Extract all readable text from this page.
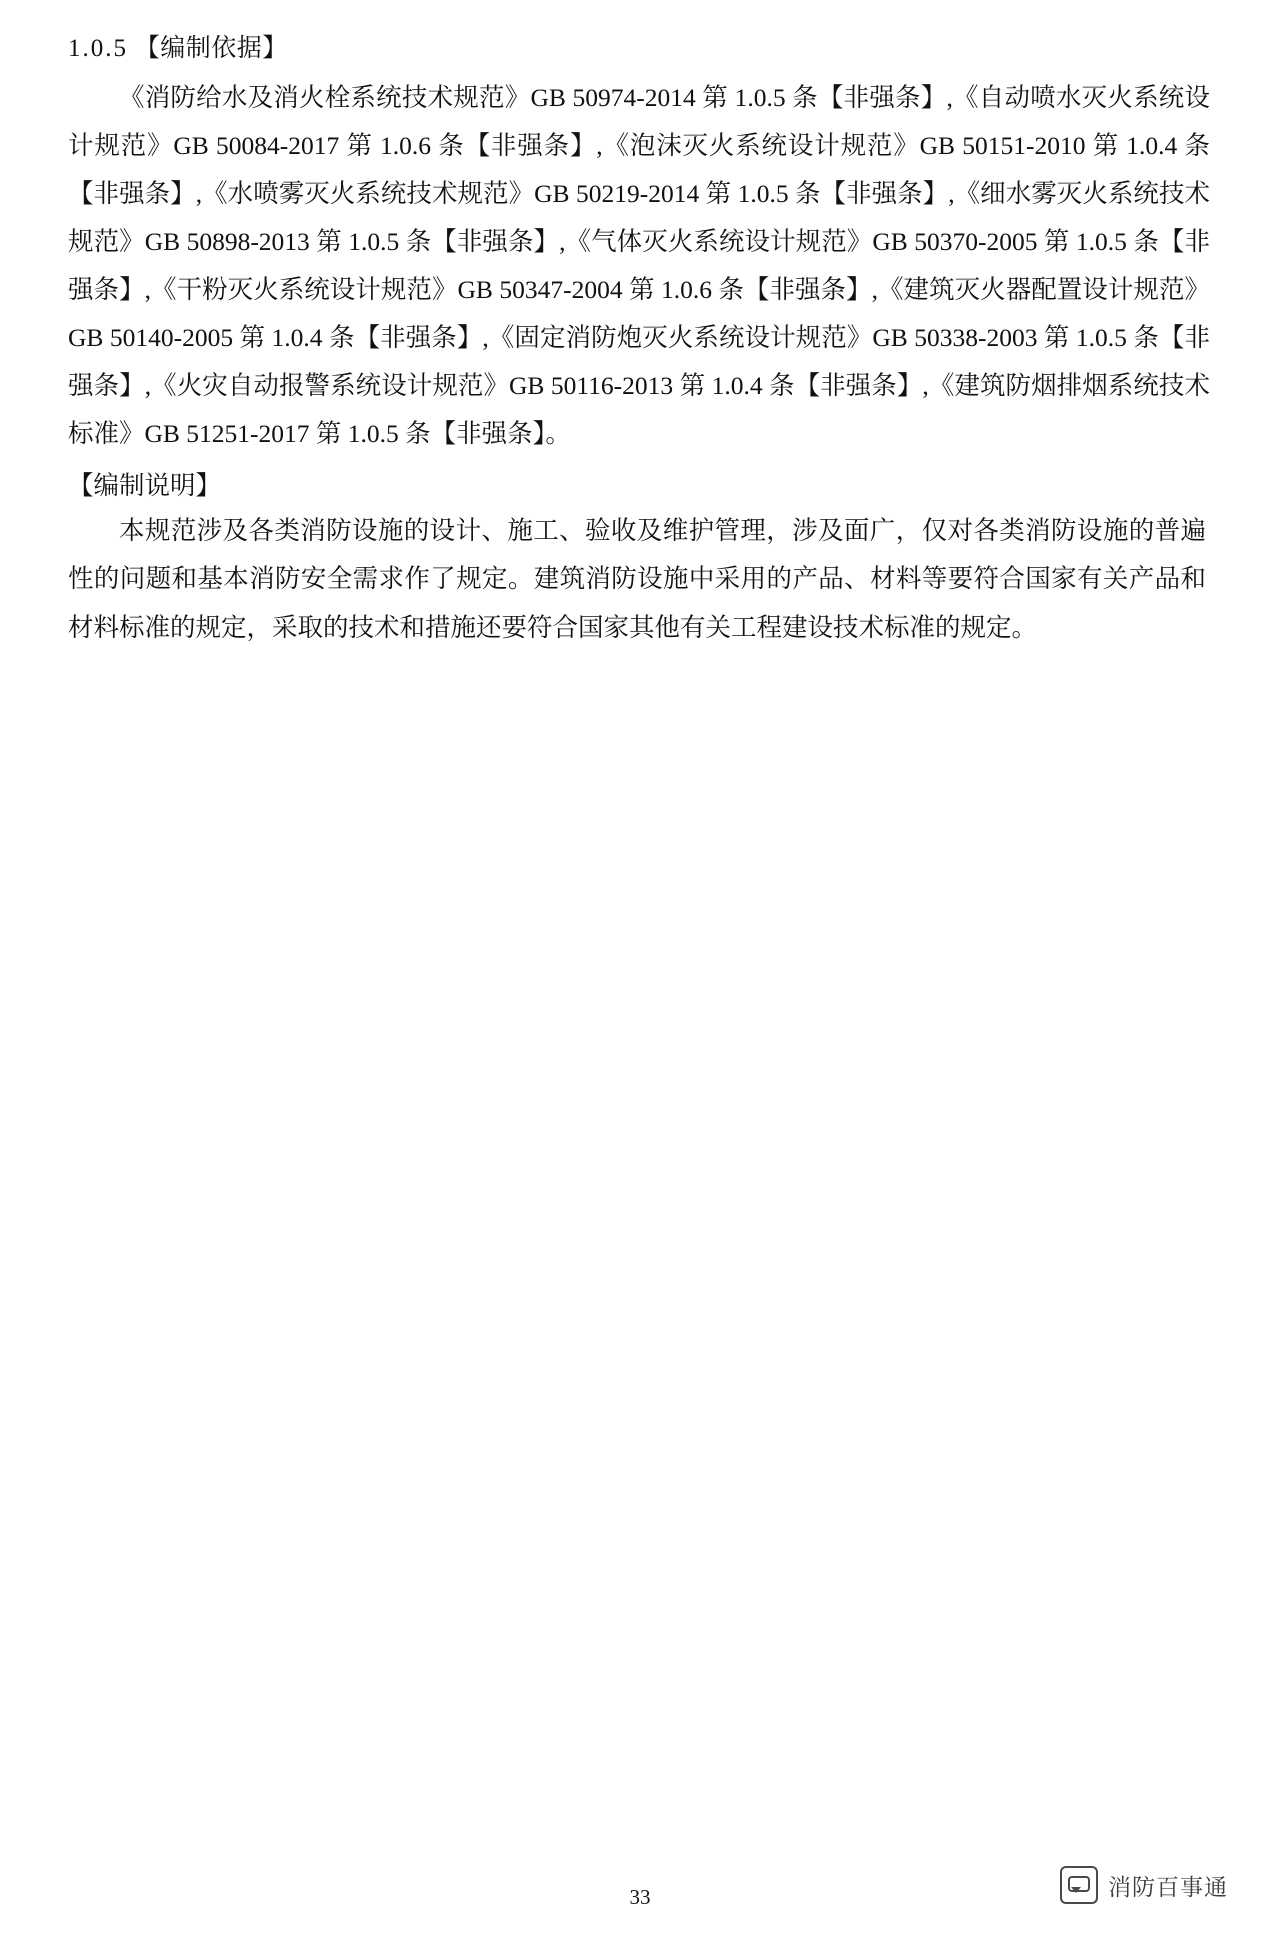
1.0.5 【编制依据】

《消防给水及消火栓系统技术规范》GB 50974-2014 第 1.0.5 条【非强条】,《自动喷水灭火系统设计规范》GB 50084-2017 第 1.0.6 条【非强条】,《泡沫灭火系统设计规范》GB 50151-2010 第 1.0.4 条【非强条】,《水喷雾灭火系统技术规范》GB 50219-2014 第 1.0.5 条【非强条】,《细水雾灭火系统技术规范》GB 50898-2013 第 1.0.5 条【非强条】,《气体灭火系统设计规范》GB 50370-2005 第 1.0.5 条【非强条】,《干粉灭火系统设计规范》GB 50347-2004 第 1.0.6 条【非强条】,《建筑灭火器配置设计规范》GB 50140-2005 第 1.0.4 条【非强条】,《固定消防炮灭火系统设计规范》GB 50338-2003 第 1.0.5 条【非强条】,《火灾自动报警系统设计规范》GB 50116-2013 第 1.0.4 条【非强条】,《建筑防烟排烟系统技术标准》GB 51251-2017 第 1.0.5 条【非强条】。

【编制说明】

本规范涉及各类消防设施的设计、施工、验收及维护管理，涉及面广，仅对各类消防设施的普遍性的问题和基本消防安全需求作了规定。建筑消防设施中采用的产品、材料等要符合国家有关产品和材料标准的规定，采取的技术和措施还要符合国家其他有关工程建设技术标准的规定。

33	消防百事通
